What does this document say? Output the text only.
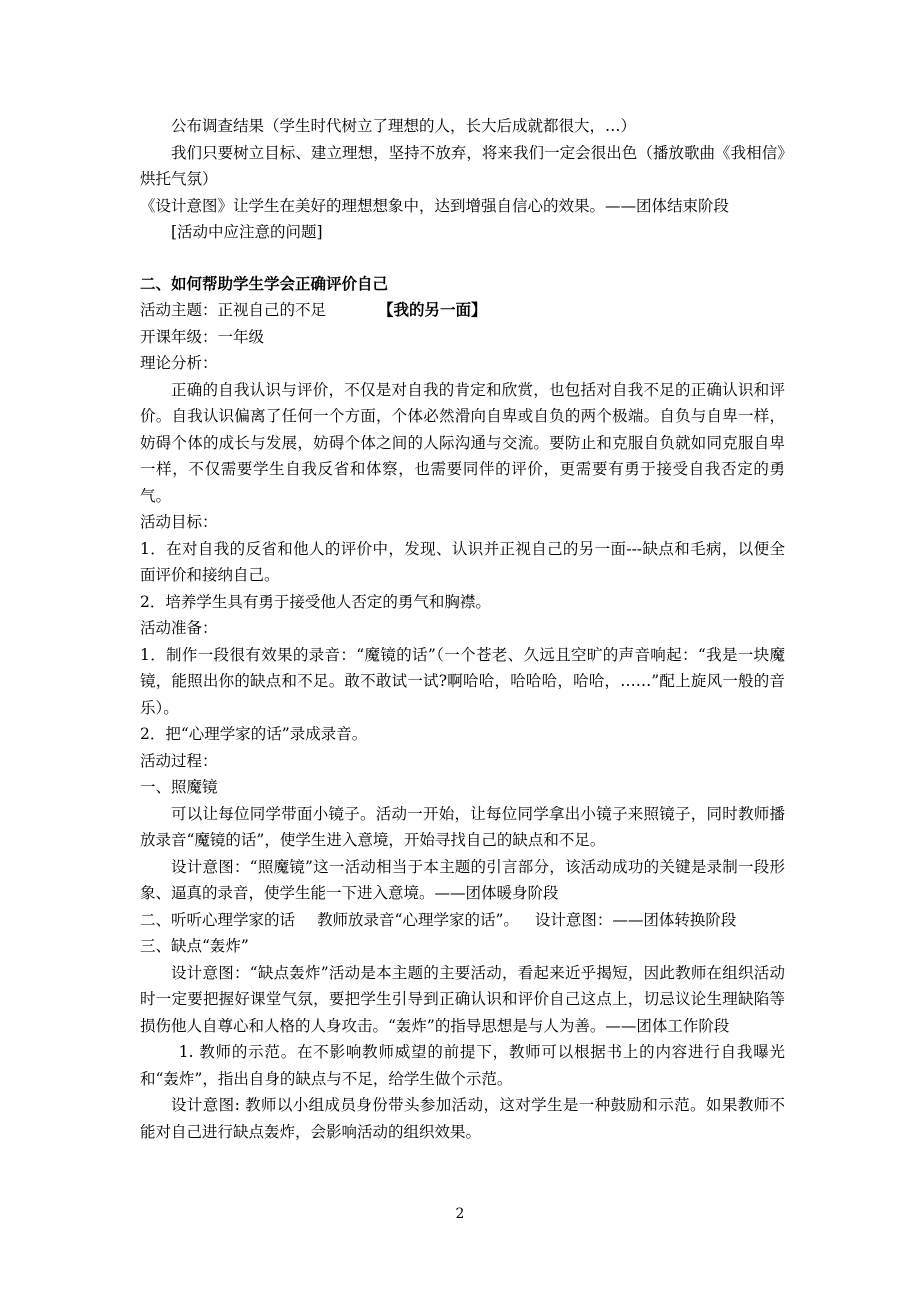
公布调查结果（学生时代树立了理想的人，长大后成就都很大，…）

我们只要树立目标、建立理想，坚持不放弃，将来我们一定会很出色（播放歌曲《我相信》烘托气氛）

《设计意图》让学生在美好的理想想象中，达到增强自信心的效果。——团体结束阶段

[活动中应注意的问题]

二、如何帮助学生学会正确评价自己

活动主题：正视自己的不足	【我的另一面】

开课年级：一年级

理论分析：

正确的自我认识与评价，不仅是对自我的肯定和欣赏，也包括对自我不足的正确认识和评价。自我认识偏离了任何一个方面，个体必然滑向自卑或自负的两个极端。自负与自卑一样，妨碍个体的成长与发展，妨碍个体之间的人际沟通与交流。要防止和克服自负就如同克服自卑一样，不仅需要学生自我反省和体察，也需要同伴的评价，更需要有勇于接受自我否定的勇气。

活动目标：

1．在对自我的反省和他人的评价中，发现、认识并正视自己的另一面---缺点和毛病，以便全面评价和接纳自己。

2．培养学生具有勇于接受他人否定的勇气和胸襟。

活动准备：

1．制作一段很有效果的录音：“魔镜的话”（一个苍老、久远且空旷的声音响起：“我是一块魔镜，能照出你的缺点和不足。敢不敢试一试?啊哈哈，哈哈哈，哈哈，……”配上旋风一般的音乐）。

2．把“心理学家的话”录成录音。

活动过程：

一、照魔镜

可以让每位同学带面小镜子。活动一开始，让每位同学拿出小镜子来照镜子，同时教师播放录音“魔镜的话”，使学生进入意境，开始寻找自己的缺点和不足。

设计意图：“照魔镜”这一活动相当于本主题的引言部分，该活动成功的关键是录制一段形象、逼真的录音，使学生能一下进入意境。——团体暖身阶段

二、听听心理学家的话 教师放录音“心理学家的话”。 设计意图：——团体转换阶段

三、缺点“轰炸”

设计意图：“缺点轰炸”活动是本主题的主要活动，看起来近乎揭短，因此教师在组织活动时一定要把握好课堂气氛，要把学生引导到正确认识和评价自己这点上，切忌议论生理缺陷等损伤他人自尊心和人格的人身攻击。“轰炸”的指导思想是与人为善。——团体工作阶段

1. 教师的示范。在不影响教师威望的前提下，教师可以根据书上的内容进行自我曝光和“轰炸”，指出自身的缺点与不足，给学生做个示范。

设计意图: 教师以小组成员身份带头参加活动，这对学生是一种鼓励和示范。如果教师不能对自己进行缺点轰炸，会影响活动的组织效果。

2
